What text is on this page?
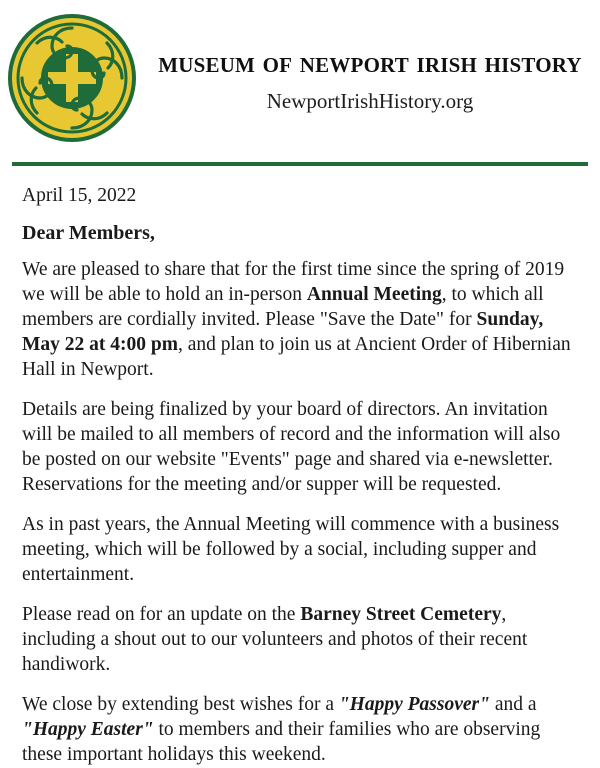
museum of newport irish history
NewportIrishHistory.org
April 15, 2022
Dear Members,

We are pleased to share that for the first time since the spring of 2019 we will be able to hold an in-person Annual Meeting, to which all members are cordially invited. Please "Save the Date" for Sunday, May 22 at 4:00 pm, and plan to join us at Ancient Order of Hibernian Hall in Newport.

Details are being finalized by your board of directors. An invitation will be mailed to all members of record and the information will also be posted on our website "Events" page and shared via e-newsletter. Reservations for the meeting and/or supper will be requested.

As in past years, the Annual Meeting will commence with a business meeting, which will be followed by a social, including supper and entertainment.

Please read on for an update on the Barney Street Cemetery, including a shout out to our volunteers and photos of their recent handiwork.

We close by extending best wishes for a "Happy Passover" and a "Happy Easter" to members and their families who are observing these important holidays this weekend.
